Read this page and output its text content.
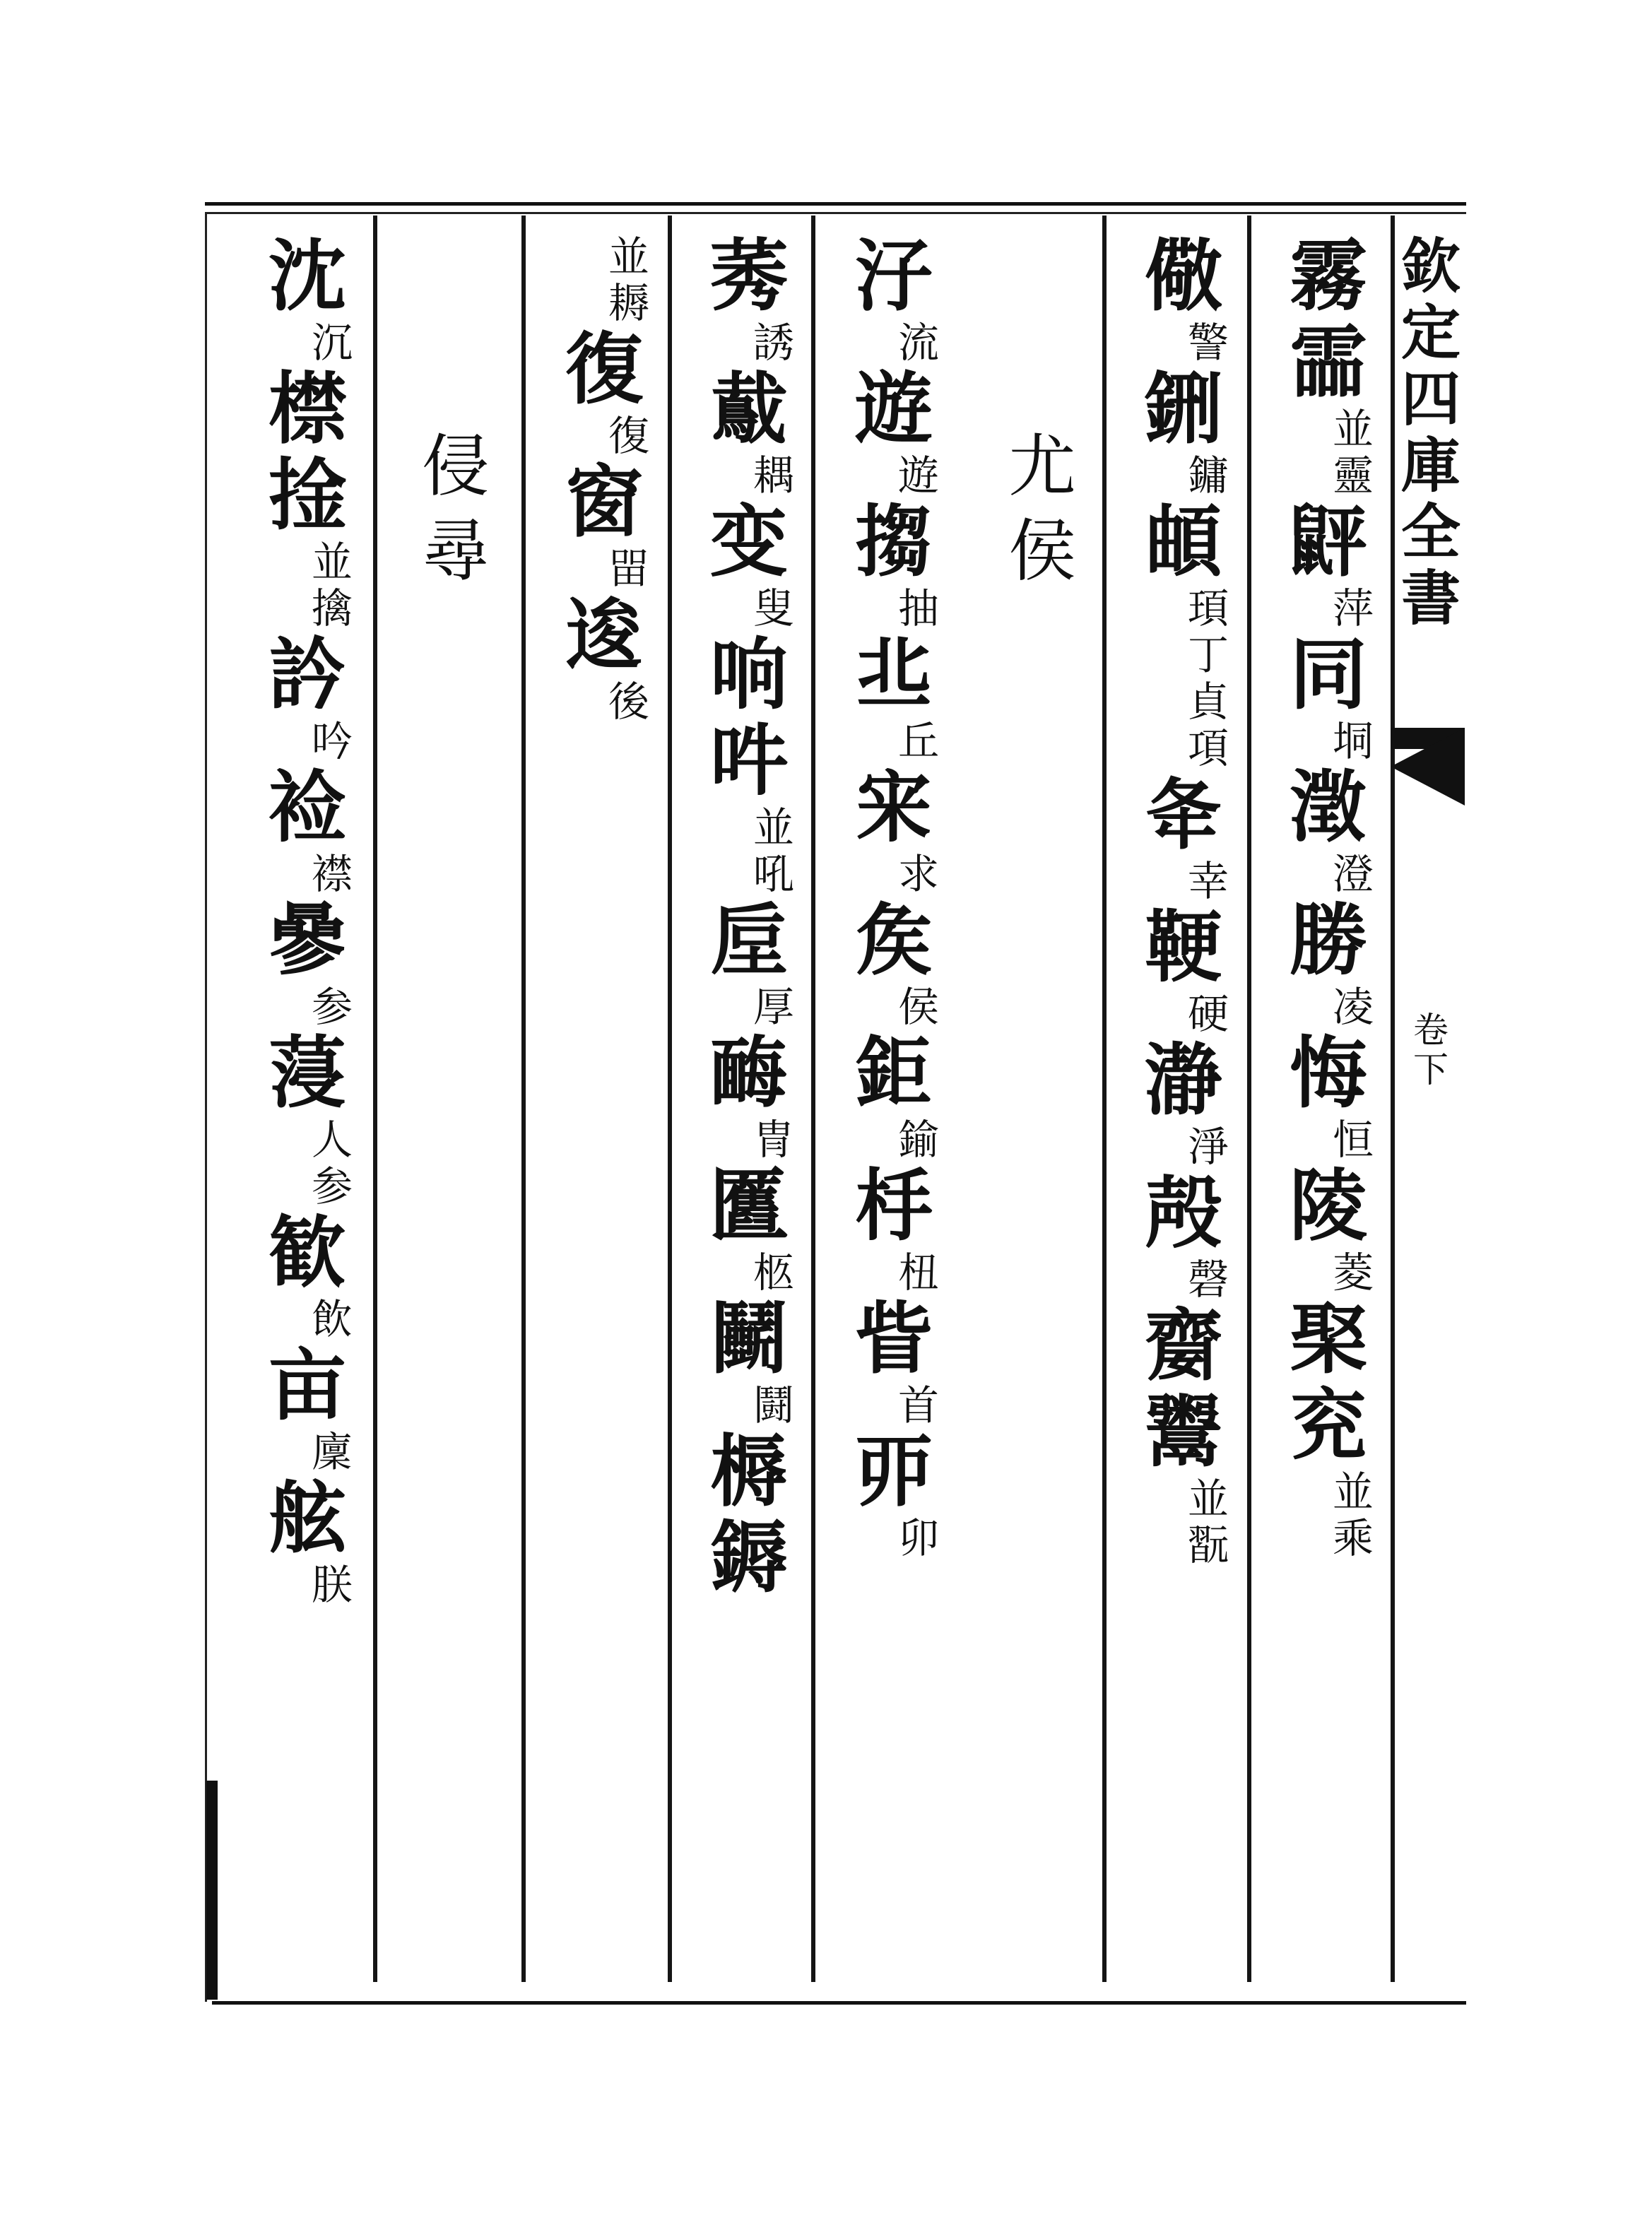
欽
定
四
庫
全
書
卷
下
霧
霝
並靈
䶄
萍
同
垌
澂
澄
勝
凌
悔
恒
陵
菱
棸
兖
並乘
儆
警
鉶
鏞
頔
頊
丁貞
項
夅
幸
鞕
硬
瀞
淨
殸
磬
䶒
鬻
並
翫
尤
侯
汓
流
遊
遊
搊
抽
丠
丘
宩
求
矦
侯
鉅
鍮
杽
杻
眥
首
丣
卯
莠
誘
䳒
耦
变
叟
响
吽
並吼
垕
厚
䩈
冑
匶
柩
鬭
鬪
槈
鎒
並
耨
復
復
窗
㽞
逡
後
侵
尋
沈
沉
㯲
捦
並擒
訡
吟
裣
襟
曑
参
蓡
人参
歓
飲
亩
廩
舷
朕
